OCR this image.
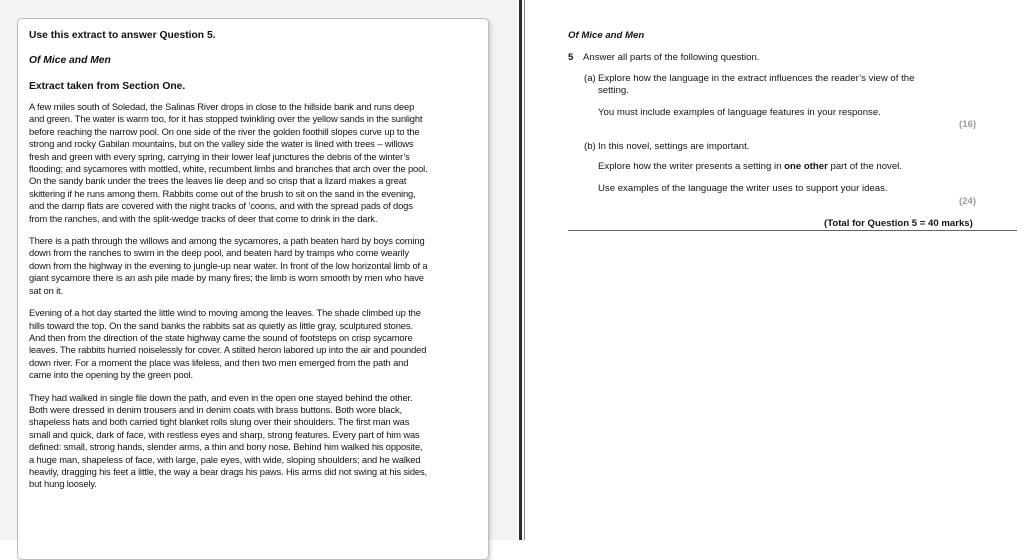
Use this extract to answer Question 5.

Of Mice and Men

Extract taken from Section One.

A few miles south of Soledad, the Salinas River drops in close to the hillside bank and runs deep and green. The water is warm too, for it has stopped twinkling over the yellow sands in the sunlight before reaching the narrow pool. On one side of the river the golden foothill slopes curve up to the strong and rocky Gabilan mountains, but on the valley side the water is lined with trees – willows fresh and green with every spring, carrying in their lower leaf junctures the debris of the winter’s flooding; and sycamores with mottled, white, recumbent limbs and branches that arch over the pool. On the sandy bank under the trees the leaves lie deep and so crisp that a lizard makes a great skittering if he runs among them. Rabbits come out of the brush to sit on the sand in the evening, and the damp flats are covered with the night tracks of ’coons, and with the spread pads of dogs from the ranches, and with the split-wedge tracks of deer that come to drink in the dark.

There is a path through the willows and among the sycamores, a path beaten hard by boys coming down from the ranches to swim in the deep pool, and beaten hard by tramps who come wearily down from the highway in the evening to jungle-up near water. In front of the low horizontal limb of a giant sycamore there is an ash pile made by many fires; the limb is worn smooth by men who have sat on it.

Evening of a hot day started the little wind to moving among the leaves. The shade climbed up the hills toward the top. On the sand banks the rabbits sat as quietly as little gray, sculptured stones. And then from the direction of the state highway came the sound of footsteps on crisp sycamore leaves. The rabbits hurried noiselessly for cover. A stilted heron labored up into the air and pounded down river. For a moment the place was lifeless, and then two men emerged from the path and came into the opening by the green pool.

They had walked in single file down the path, and even in the open one stayed behind the other. Both were dressed in denim trousers and in denim coats with brass buttons. Both wore black, shapeless hats and both carried tight blanket rolls slung over their shoulders. The first man was small and quick, dark of face, with restless eyes and sharp, strong features. Every part of him was defined: small, strong hands, slender arms, a thin and bony nose. Behind him walked his opposite, a huge man, shapeless of face, with large, pale eyes, with wide, sloping shoulders; and he walked heavily, dragging his feet a little, the way a bear drags his paws. His arms did not swing at his sides, but hung loosely.

Of Mice and Men
5 Answer all parts of the following question.
(a) Explore how the language in the extract influences the reader’s view of the setting.
You must include examples of language features in your response.
(16)
(b) In this novel, settings are important.
Explore how the writer presents a setting in one other part of the novel.
Use examples of the language the writer uses to support your ideas.
(24)
(Total for Question 5 = 40 marks)
